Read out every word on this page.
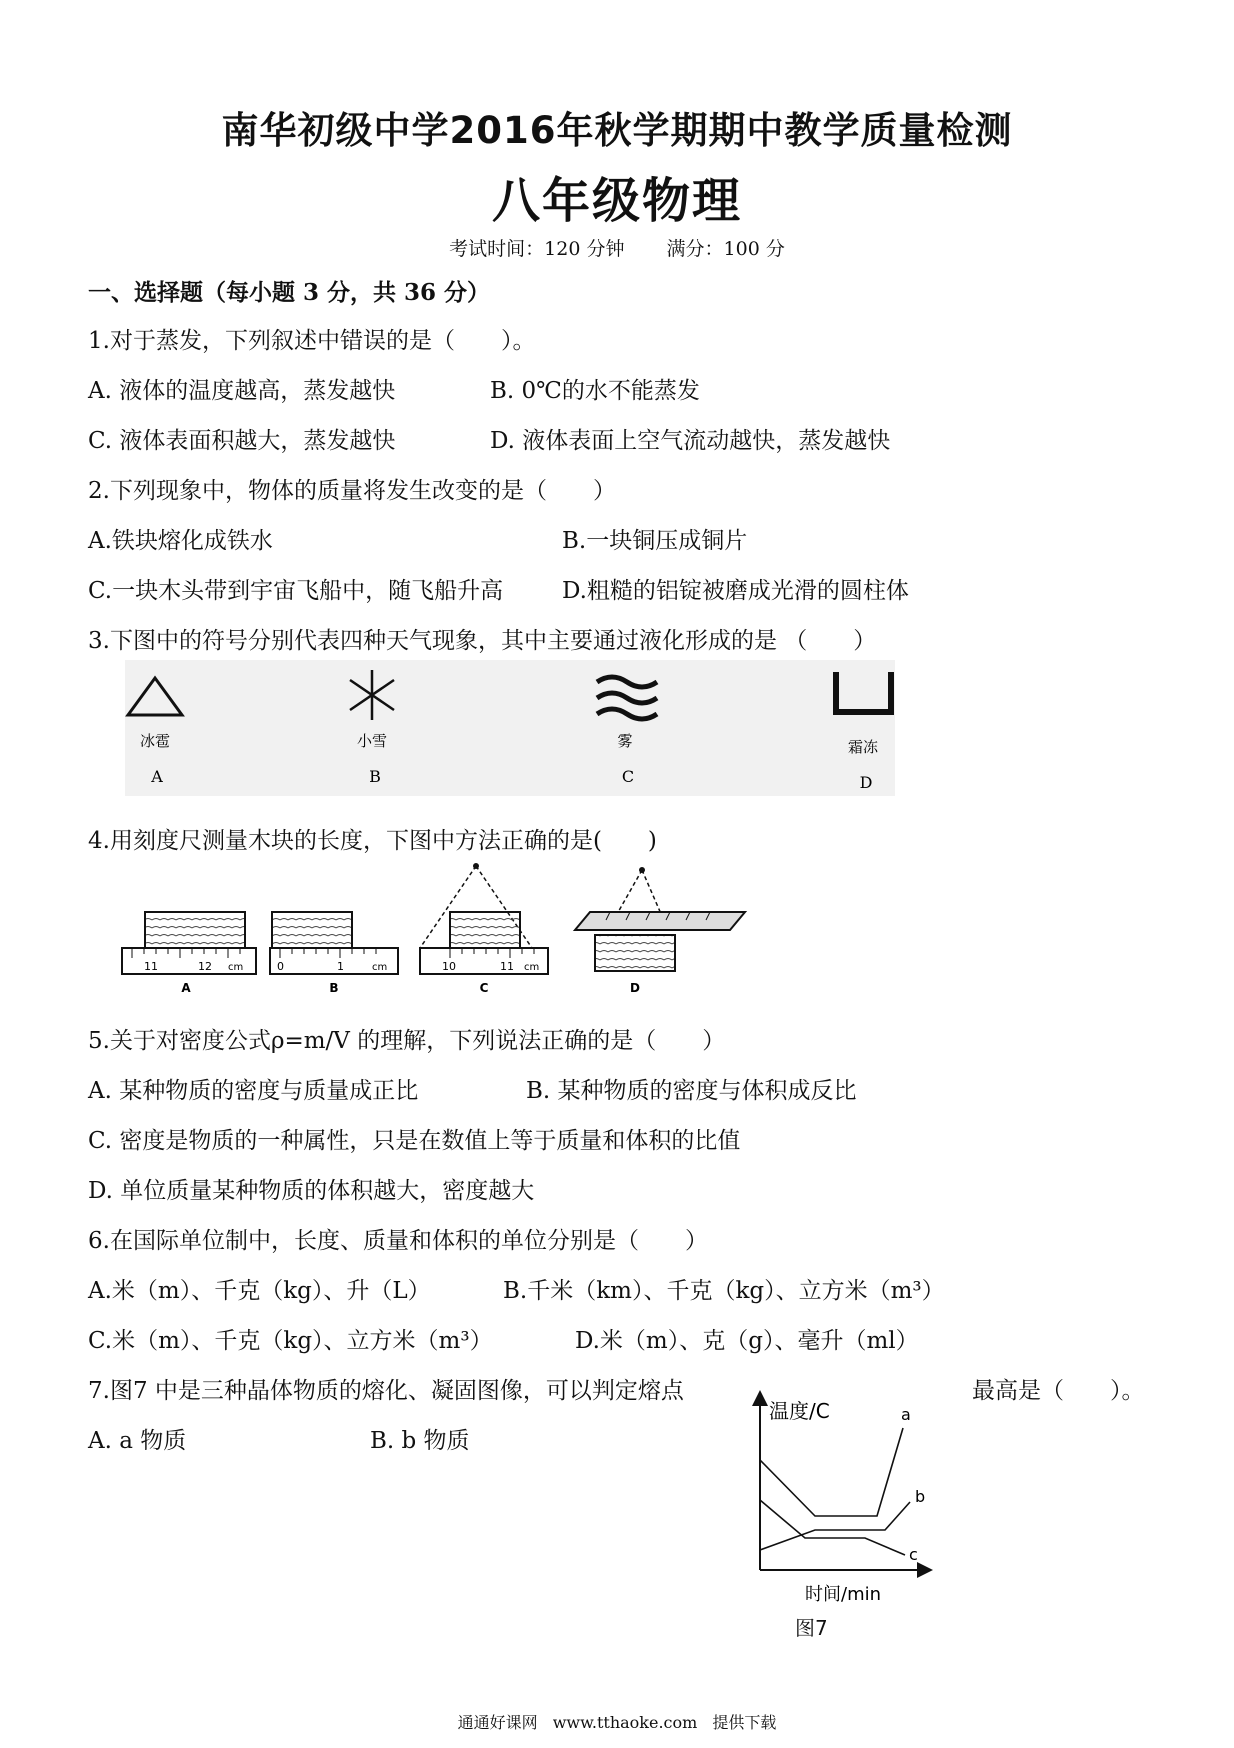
南华初级中学2016年秋学期期中教学质量检测
八年级物理
考试时间：120 分钟 满分：100 分
一、选择题（每小题 3 分，共 36 分）
1.对于蒸发，下列叙述中错误的是（　　）。
A. 液体的温度越高，蒸发越快	B. 0℃的水不能蒸发
C. 液体表面积越大，蒸发越快	D. 液体表面上空气流动越快，蒸发越快
2.下列现象中，物体的质量将发生改变的是（　　）
A.铁块熔化成铁水	B.一块铜压成铜片
C.一块木头带到宇宙飞船中，随飞船升高	D.粗糙的铝锭被磨成光滑的圆柱体
3.下图中的符号分别代表四种天气现象，其中主要通过液化形成的是 （　　）
冰雹	小雪	雾	霜冻
A	B	C	D
4.用刻度尺测量木块的长度，下图中方法正确的是(　　)
11	12 cm
A
0	1	cm
B
10	11 cm
C	D
5.关于对密度公式ρ=m/V 的理解，下列说法正确的是（　　）
A. 某种物质的密度与质量成正比	B. 某种物质的密度与体积成反比
C. 密度是物质的一种属性，只是在数值上等于质量和体积的比值
D. 单位质量某种物质的体积越大，密度越大
6.在国际单位制中，长度、质量和体积的单位分别是（　　）
A.米（m）、千克（kg）、升（L）	B.千米（km）、千克（kg）、立方米（m³）
C.米（m）、千克（kg）、立方米（m³）	D.米（m）、克（g）、毫升（ml）
7.图7 中是三种晶体物质的熔化、凝固图像，可以判定熔点	最高是（　　）。
A. a 物质	B. b 物质
温度/C
时间/min
a
b
c
图7
通通好课网 www.tthaoke.com 提供下载
